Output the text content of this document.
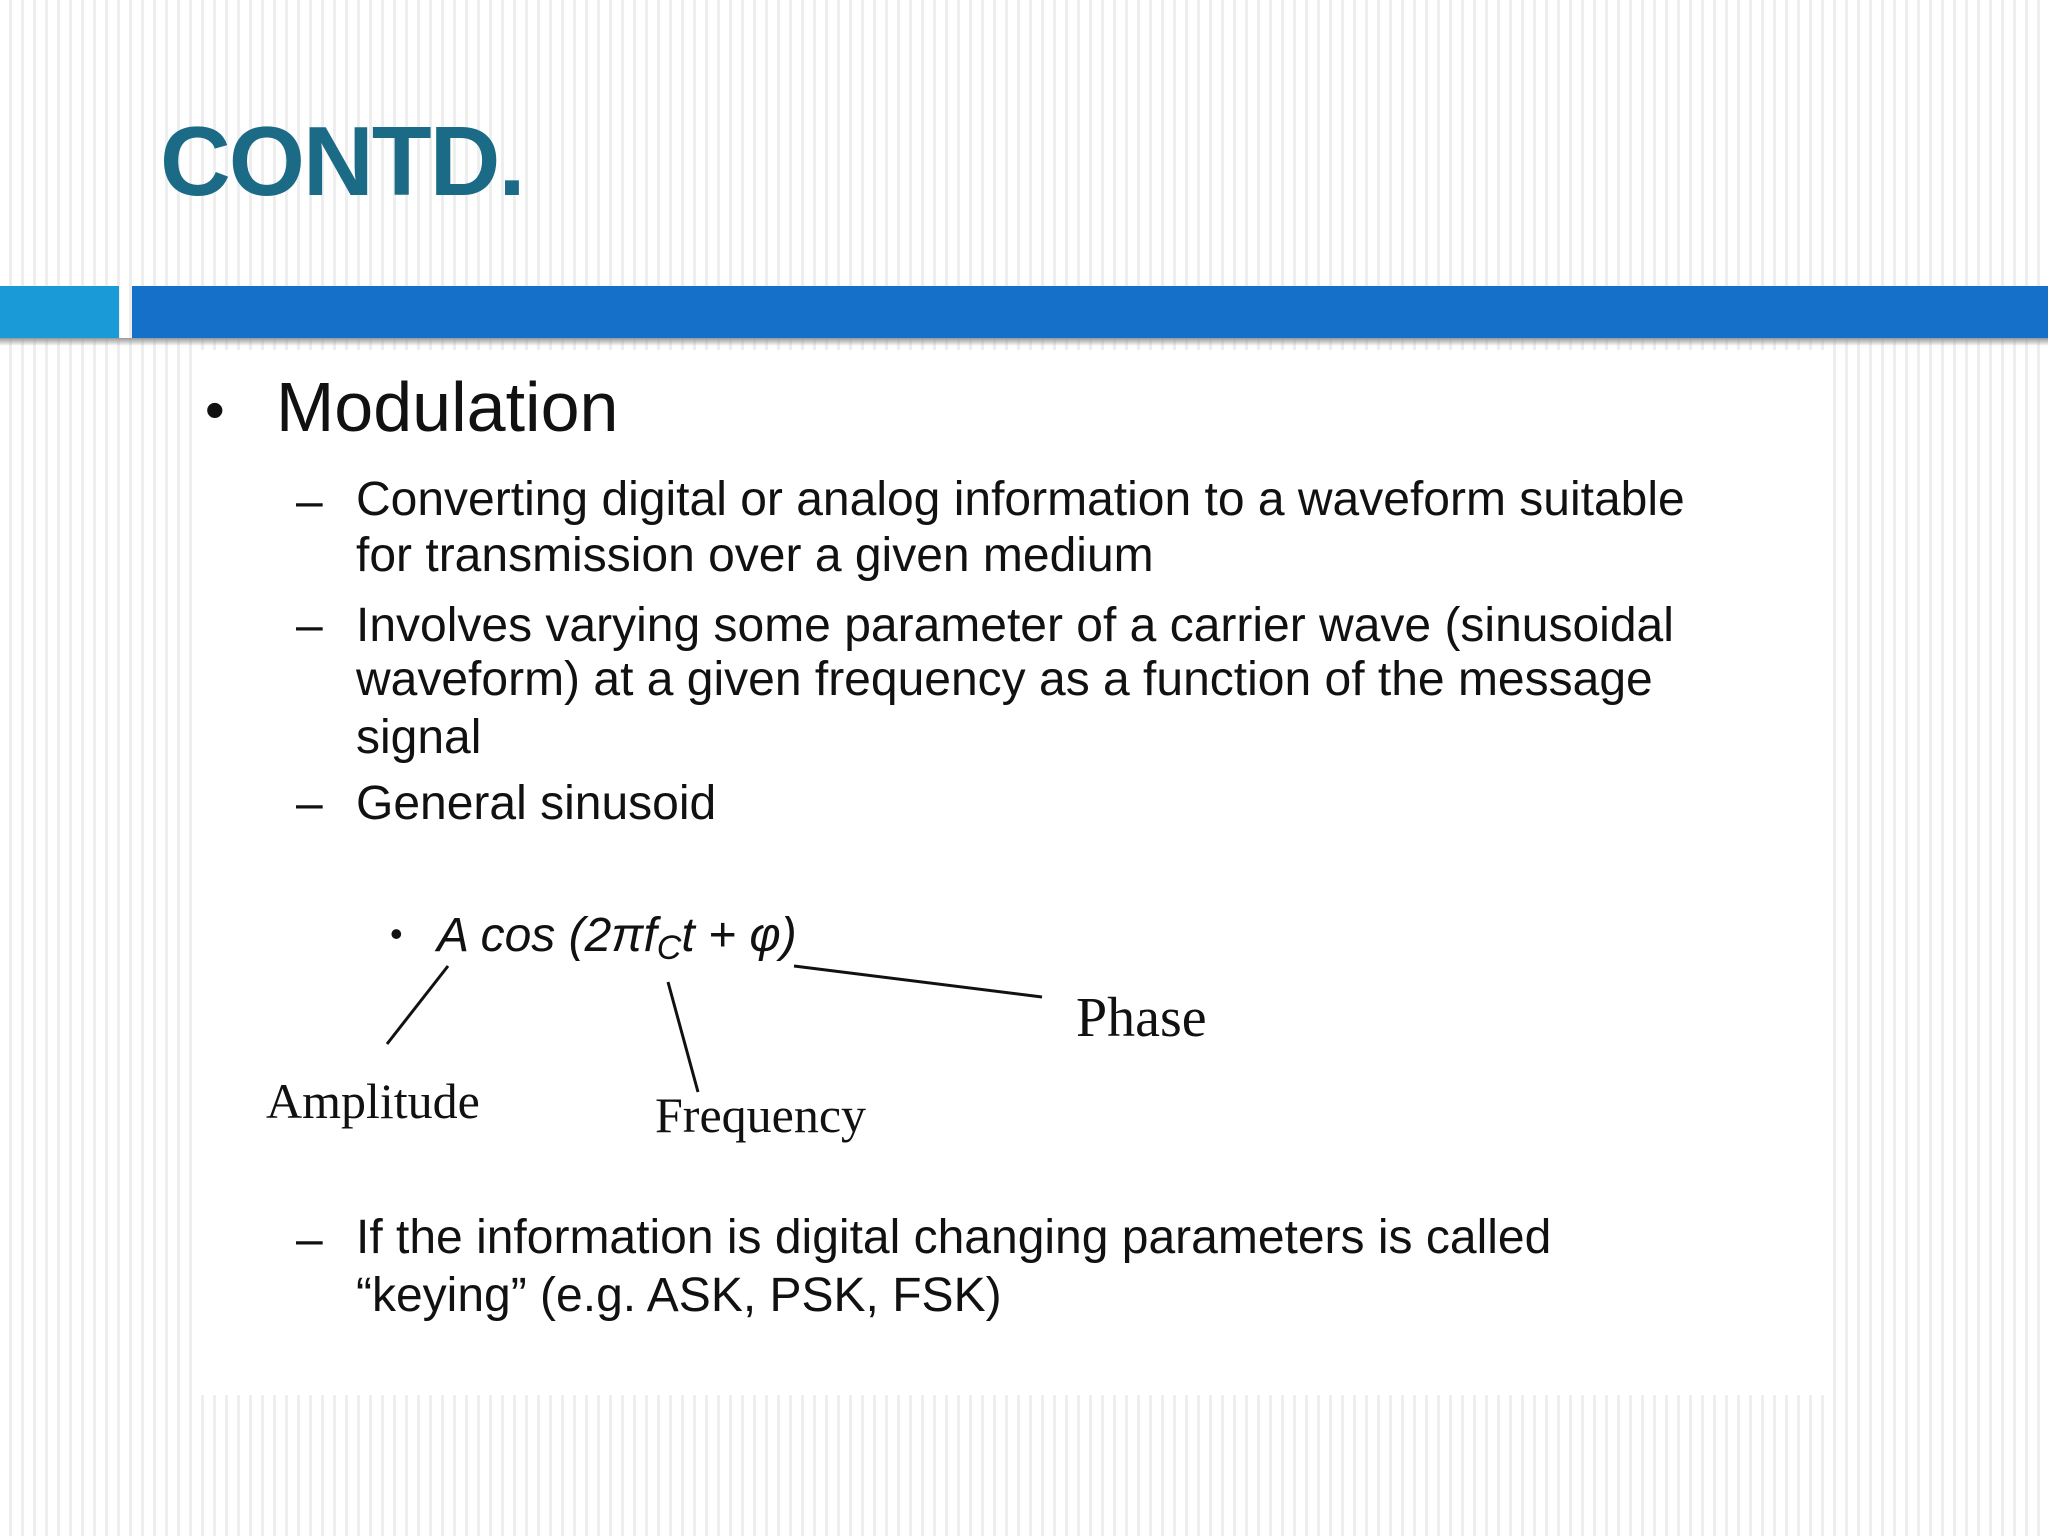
CONTD.
• Modulation
– Converting digital or analog information to a waveform suitable
for transmission over a given medium
– Involves varying some parameter of a carrier wave (sinusoidal
waveform) at a given frequency as a function of the message
signal
– General sinusoid
• A $\cos (2\pi f_Ct + \varphi)$
Amplitude	Frequency
Phase
– If the information is digital changing parameters is called
“keying” (e.g. ASK, PSK, FSK)
